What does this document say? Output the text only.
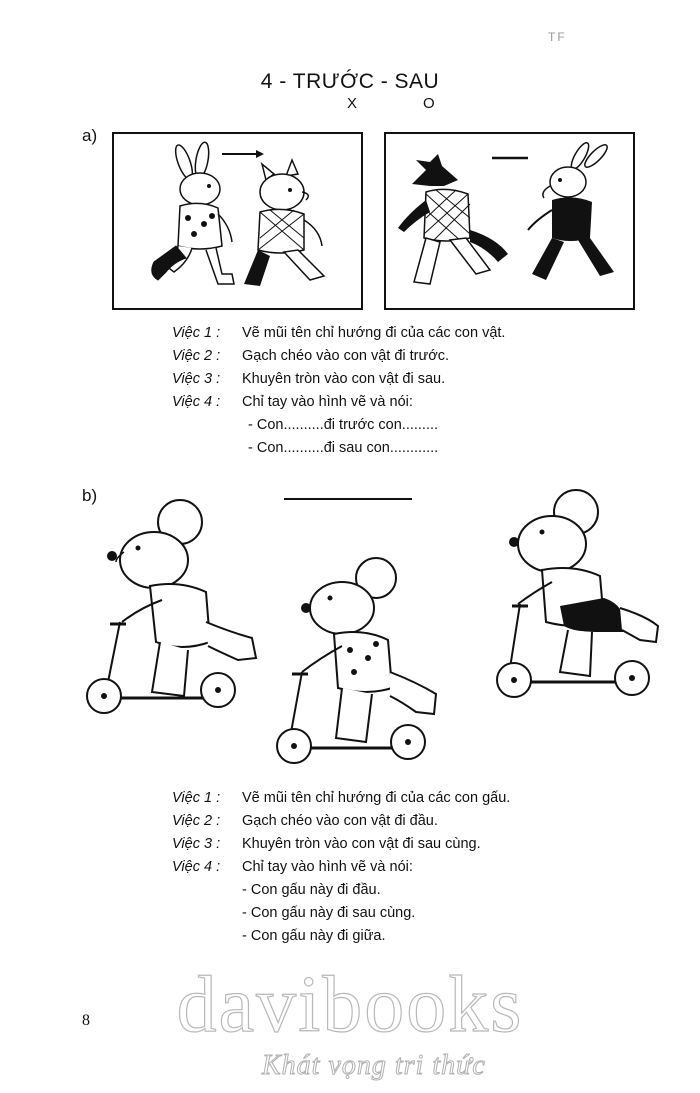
TF
4 - TRƯỚC - SAU
X	O
a)
Việc 1 :	Vẽ mũi tên chỉ hướng đi của các con vật.
Việc 2 :	Gạch chéo vào con vật đi trước.
Việc 3 :	Khuyên tròn vào con vật đi sau.
Việc 4 :	Chỉ tay vào hình vẽ và nói:
- Con..........đi trước con.........
- Con..........đi sau con............
b)
Việc 1 :	Vẽ mũi tên chỉ hướng đi của các con gấu.
Việc 2 :	Gạch chéo vào con vật đi đầu.
Việc 3 :	Khuyên tròn vào con vật đi sau cùng.
Việc 4 :	Chỉ tay vào hình vẽ và nói:
- Con gấu này đi đầu.
- Con gấu này đi sau cùng.
- Con gấu này đi giữa.
davibooks
Khát vọng tri thức
8
